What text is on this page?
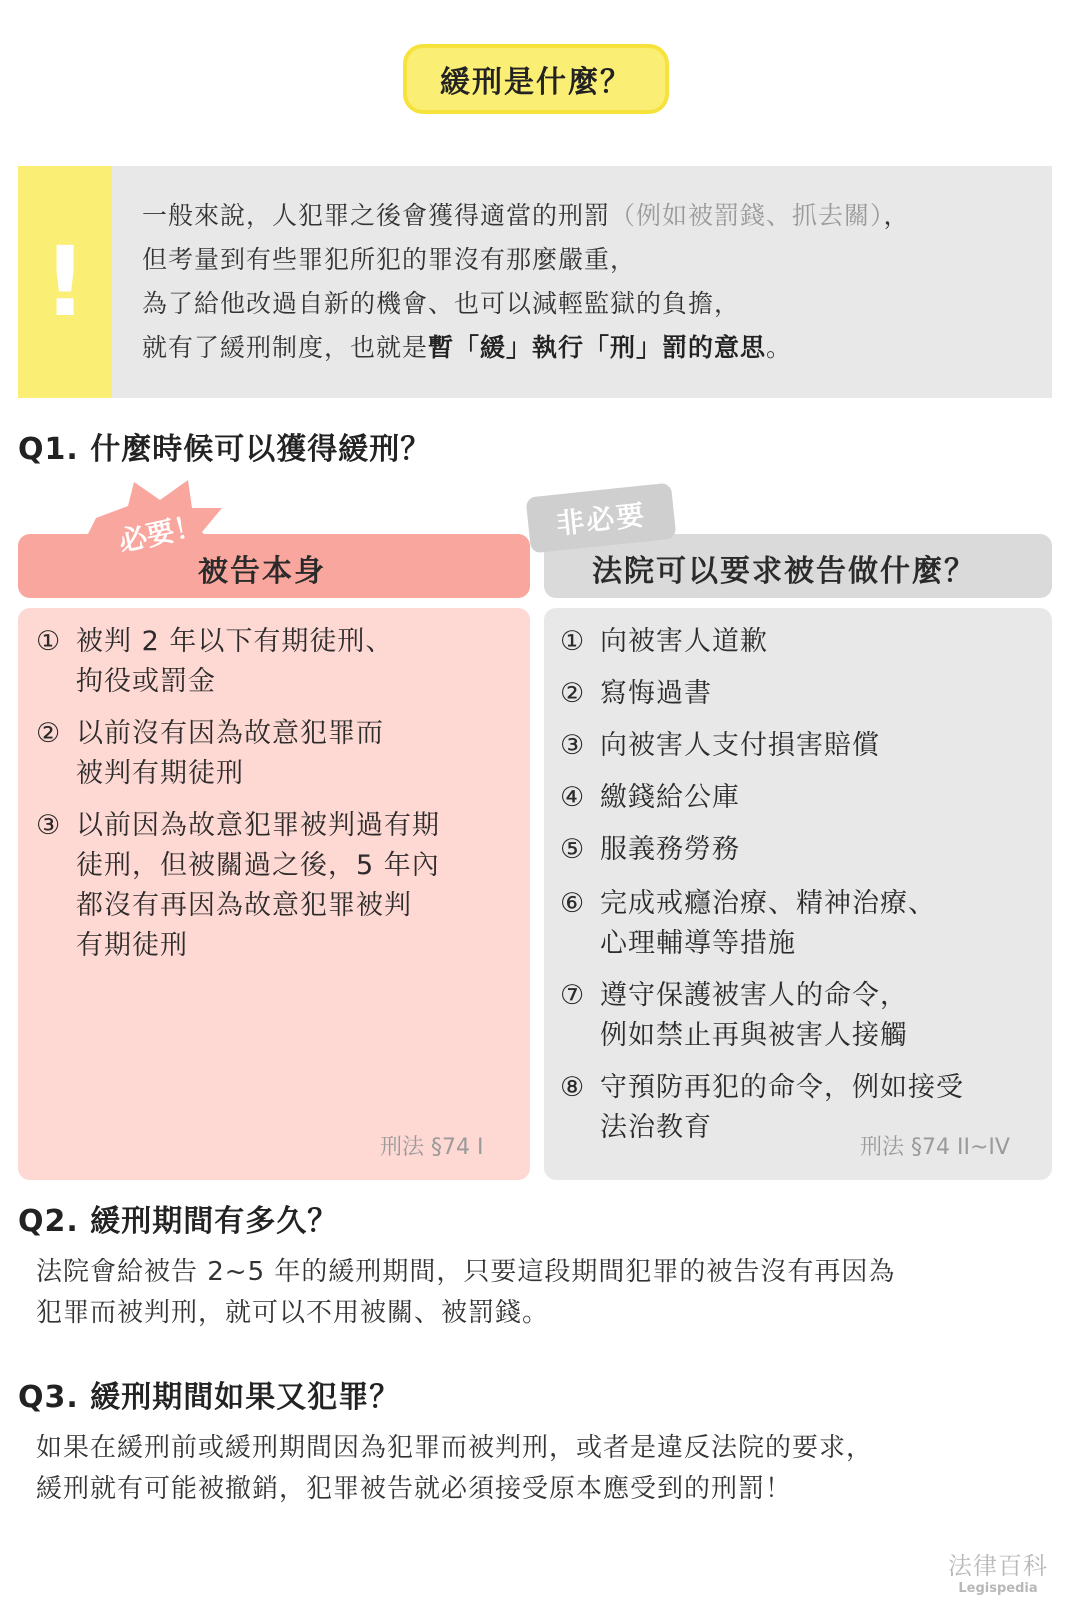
緩刑是什麼？
!
一般來說，人犯罪之後會獲得適當的刑罰（例如被罰錢、抓去關），
但考量到有些罪犯所犯的罪沒有那麼嚴重，
為了給他改過自新的機會、也可以減輕監獄的負擔，
就有了緩刑制度，也就是暫「緩」執行「刑」罰的意思。
Q1. 什麼時候可以獲得緩刑？
被告本身
① 被判 2 年以下有期徒刑、
拘役或罰金
② 以前沒有因為故意犯罪而
被判有期徒刑
③ 以前因為故意犯罪被判過有期
徒刑，但被關過之後，5 年內
都沒有再因為故意犯罪被判
有期徒刑
刑法 §74 I
法院可以要求被告做什麼？
① 向被害人道歉
② 寫悔過書
③ 向被害人支付損害賠償
④ 繳錢給公庫
⑤ 服義務勞務
⑥ 完成戒癮治療、精神治療、
心理輔導等措施
⑦ 遵守保護被害人的命令，
例如禁止再與被害人接觸
⑧ 守預防再犯的命令，例如接受
法治教育
刑法 §74 II~IV
必要！	非必要
Q2. 緩刑期間有多久？
法院會給被告 2~5 年的緩刑期間，只要這段期間犯罪的被告沒有再因為
犯罪而被判刑，就可以不用被關、被罰錢。
Q3. 緩刑期間如果又犯罪？
如果在緩刑前或緩刑期間因為犯罪而被判刑，或者是違反法院的要求，
緩刑就有可能被撤銷，犯罪被告就必須接受原本應受到的刑罰！
法律百科
Legispedia
